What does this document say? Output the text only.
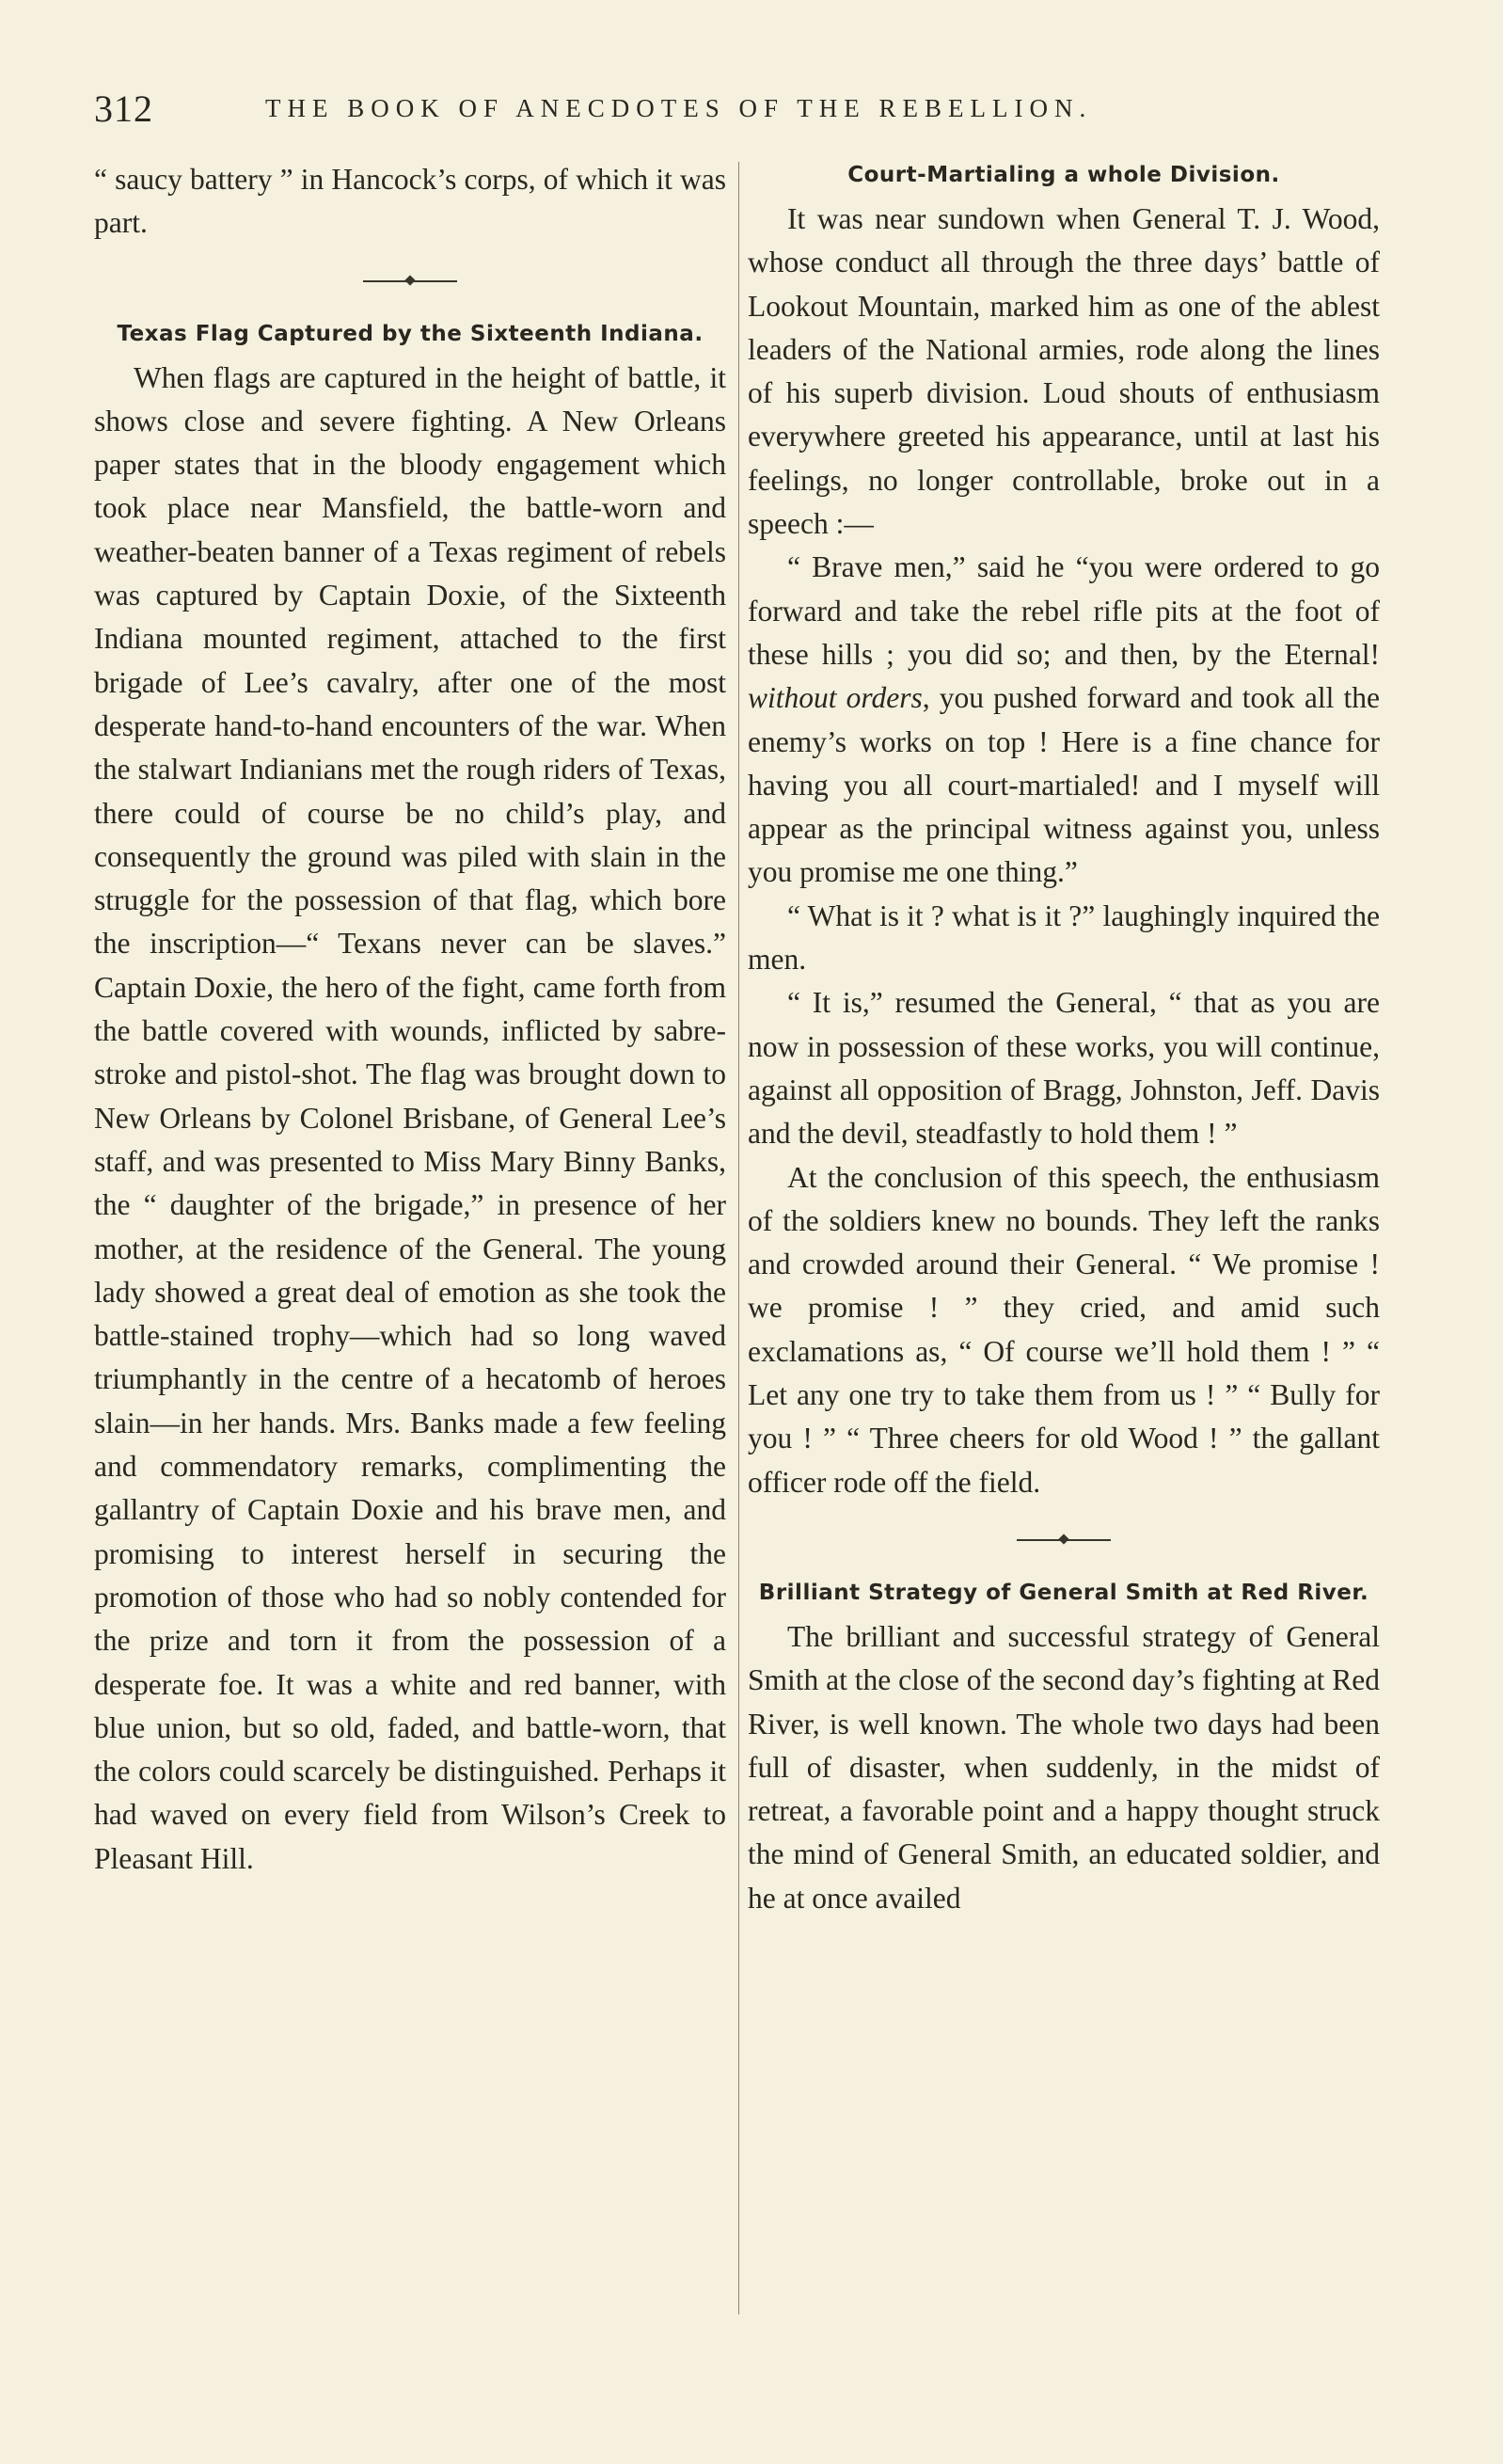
312	THE BOOK OF ANECDOTES OF THE REBELLION.

“ saucy battery ” in Hancock’s corps, of which it was part.

Texas Flag Captured by the Sixteenth Indiana.

When flags are captured in the height of battle, it shows close and severe fighting. A New Orleans paper states that in the bloody engagement which took place near Mansfield, the battle-worn and weather-beaten banner of a Texas regiment of rebels was captured by Captain Doxie, of the Sixteenth Indiana mounted regiment, attached to the first brigade of Lee’s cavalry, after one of the most desperate hand-to-hand encounters of the war. When the stalwart Indianians met the rough riders of Texas, there could of course be no child’s play, and consequently the ground was piled with slain in the struggle for the possession of that flag, which bore the inscription—“ Texans never can be slaves.” Captain Doxie, the hero of the fight, came forth from the battle covered with wounds, inflicted by sabre-stroke and pistol-shot. The flag was brought down to New Orleans by Colonel Brisbane, of General Lee’s staff, and was presented to Miss Mary Binny Banks, the “ daughter of the brigade,” in presence of her mother, at the residence of the General. The young lady showed a great deal of emotion as she took the battle-stained trophy—which had so long waved triumphantly in the centre of a hecatomb of heroes slain—in her hands. Mrs. Banks made a few feeling and commendatory remarks, complimenting the gallantry of Captain Doxie and his brave men, and promising to interest herself in securing the promotion of those who had so nobly contended for the prize and torn it from the possession of a desperate foe. It was a white and red banner, with blue union, but so old, faded, and battle-worn, that the colors could scarcely be distinguished. Perhaps it had waved on every field from Wilson’s Creek to Pleasant Hill.

Court-Martialing a whole Division.

It was near sundown when General T. J. Wood, whose conduct all through the three days’ battle of Lookout Mountain, marked him as one of the ablest leaders of the National armies, rode along the lines of his superb division. Loud shouts of enthusiasm everywhere greeted his appearance, until at last his feelings, no longer controllable, broke out in a speech :—

“ Brave men,” said he “you were ordered to go forward and take the rebel rifle pits at the foot of these hills ; you did so; and then, by the Eternal! without orders, you pushed forward and took all the enemy’s works on top ! Here is a fine chance for having you all court-martialed! and I myself will appear as the principal witness against you, unless you promise me one thing.”

“ What is it ? what is it ?” laughingly inquired the men.

“ It is,” resumed the General, “ that as you are now in possession of these works, you will continue, against all opposition of Bragg, Johnston, Jeff. Davis and the devil, steadfastly to hold them ! ”

At the conclusion of this speech, the enthusiasm of the soldiers knew no bounds. They left the ranks and crowded around their General. “ We promise ! we promise ! ” they cried, and amid such exclamations as, “ Of course we’ll hold them ! ” “ Let any one try to take them from us ! ” “ Bully for you ! ” “ Three cheers for old Wood ! ” the gallant officer rode off the field.

Brilliant Strategy of General Smith at Red River.

The brilliant and successful strategy of General Smith at the close of the second day’s fighting at Red River, is well known. The whole two days had been full of disaster, when suddenly, in the midst of retreat, a favorable point and a happy thought struck the mind of General Smith, an educated soldier, and he at once availed
